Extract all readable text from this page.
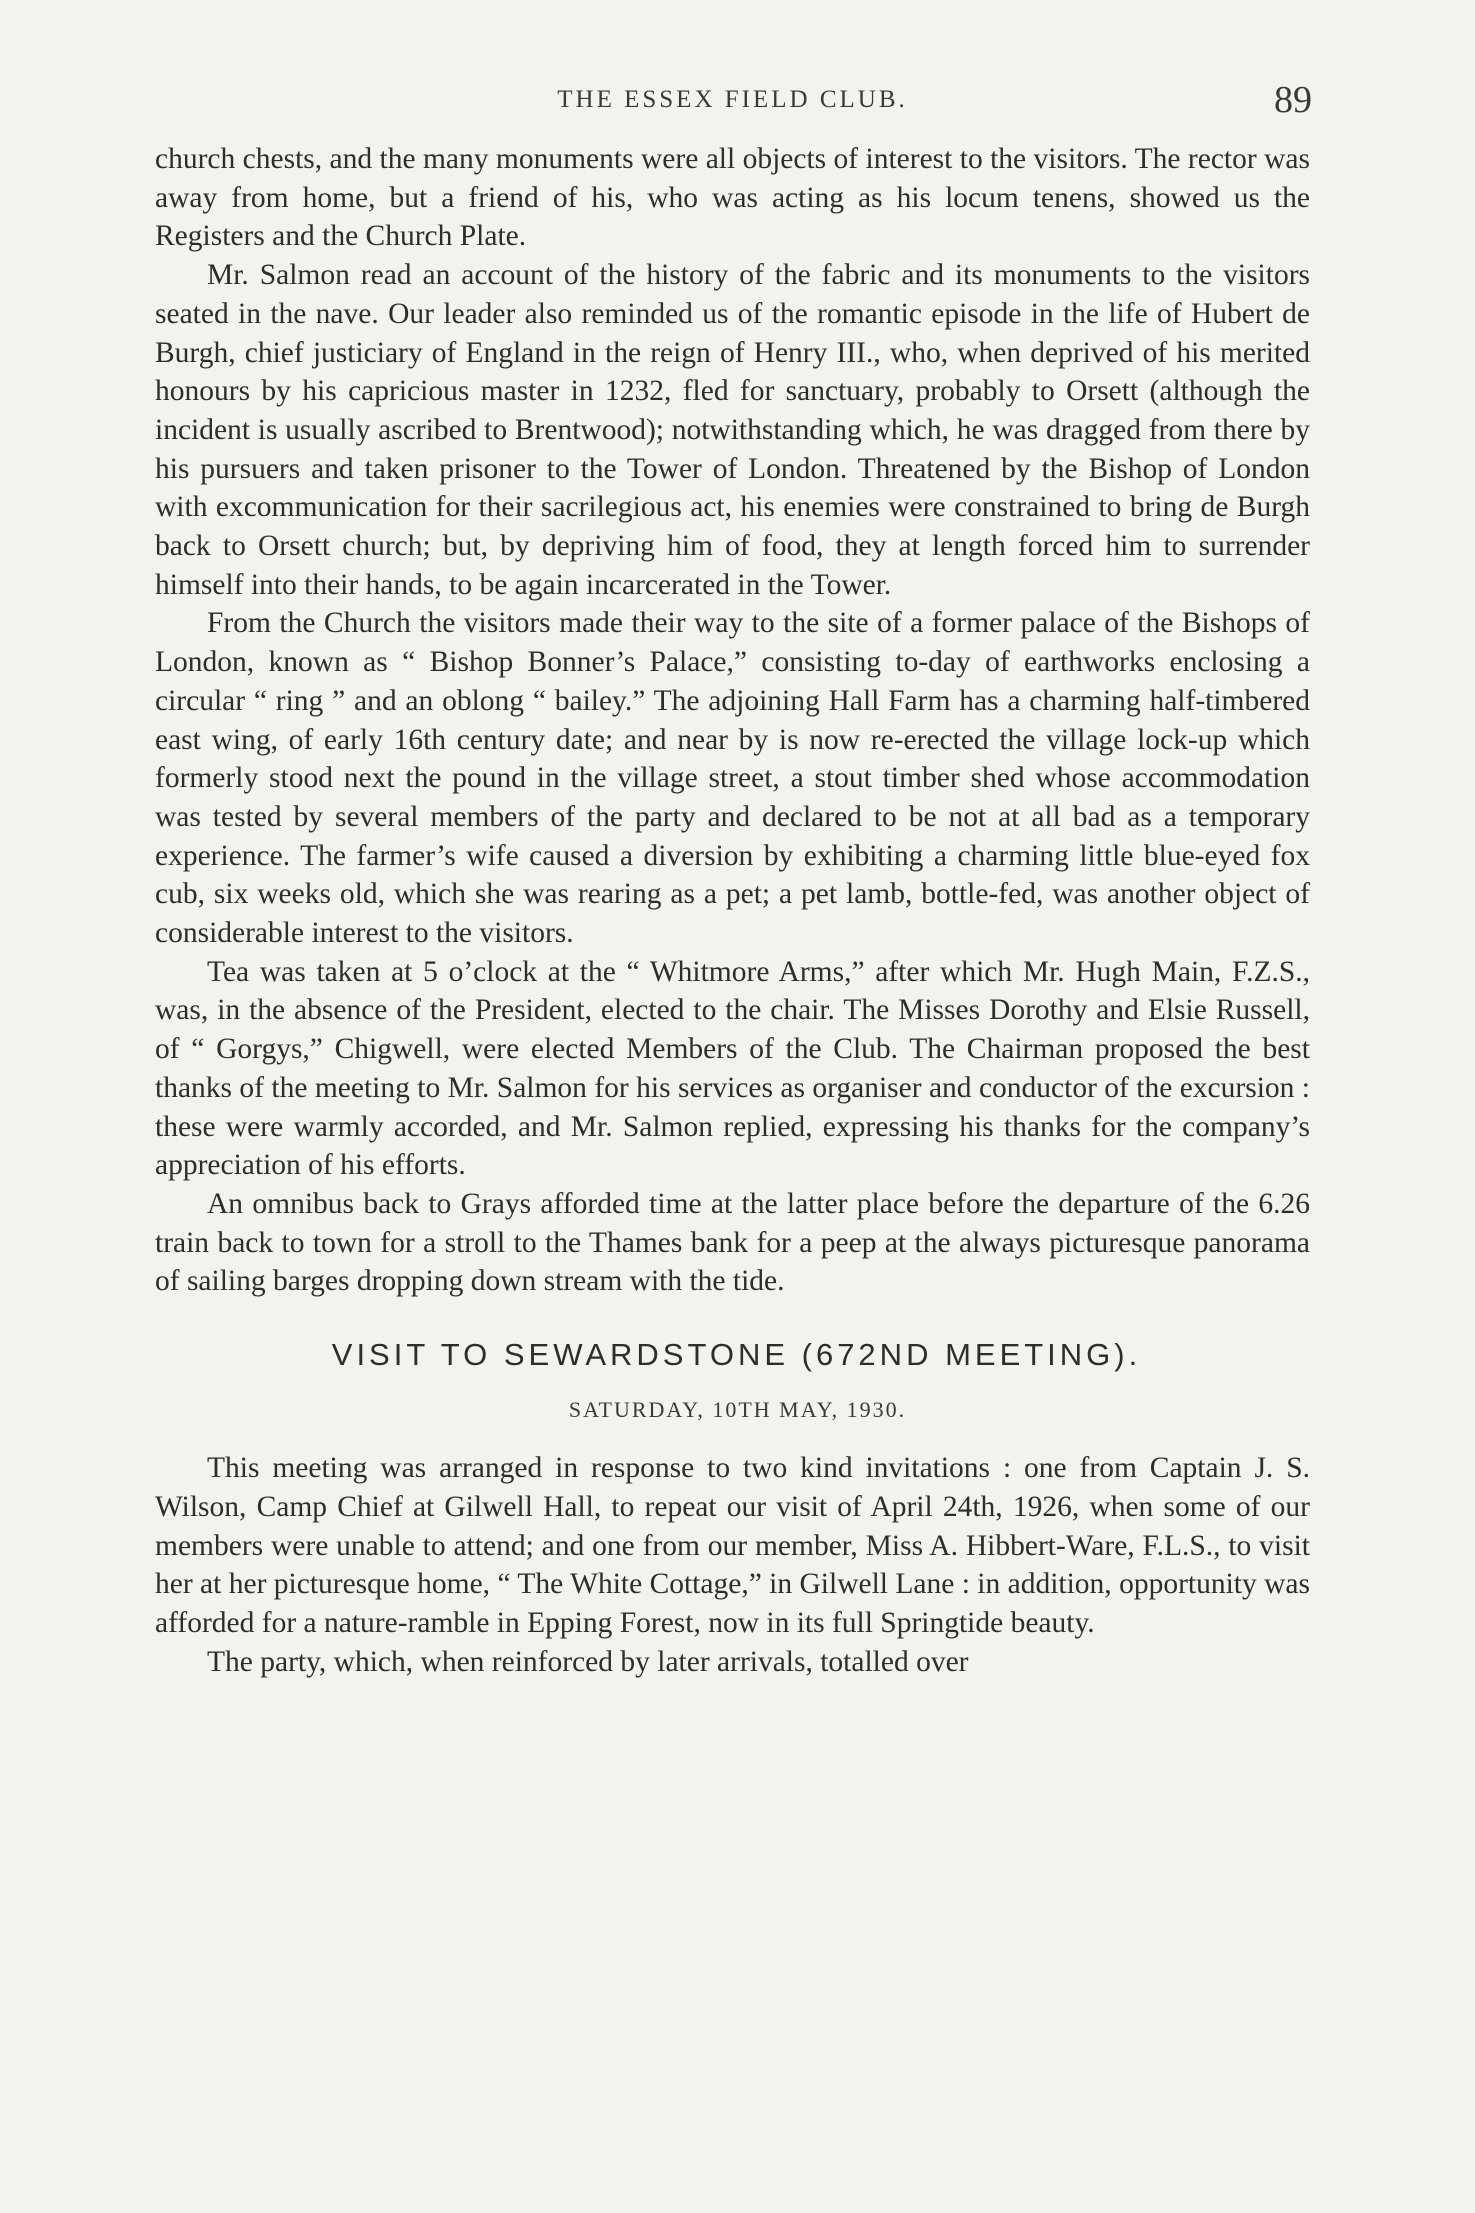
THE ESSEX FIELD CLUB.	89

church chests, and the many monuments were all objects of interest to the visitors. The rector was away from home, but a friend of his, who was acting as his locum tenens, showed us the Registers and the Church Plate.

Mr. Salmon read an account of the history of the fabric and its monuments to the visitors seated in the nave. Our leader also reminded us of the romantic episode in the life of Hubert de Burgh, chief justiciary of England in the reign of Henry III., who, when deprived of his merited honours by his capricious master in 1232, fled for sanctuary, probably to Orsett (although the incident is usually ascribed to Brentwood); notwithstanding which, he was dragged from there by his pursuers and taken prisoner to the Tower of London. Threatened by the Bishop of London with excommunication for their sacrilegious act, his enemies were constrained to bring de Burgh back to Orsett church; but, by depriving him of food, they at length forced him to surrender himself into their hands, to be again incarcerated in the Tower.

From the Church the visitors made their way to the site of a former palace of the Bishops of London, known as “ Bishop Bonner’s Palace,” consisting to-day of earthworks enclosing a circular “ ring ” and an oblong “ bailey.” The adjoining Hall Farm has a charming half-timbered east wing, of early 16th century date; and near by is now re-erected the village lock-up which formerly stood next the pound in the village street, a stout timber shed whose accommodation was tested by several members of the party and declared to be not at all bad as a temporary experience. The farmer’s wife caused a diversion by exhibiting a charming little blue-eyed fox cub, six weeks old, which she was rearing as a pet; a pet lamb, bottle-fed, was another object of considerable interest to the visitors.

Tea was taken at 5 o’clock at the “ Whitmore Arms,” after which Mr. Hugh Main, F.Z.S., was, in the absence of the President, elected to the chair. The Misses Dorothy and Elsie Russell, of “ Gorgys,” Chigwell, were elected Members of the Club. The Chairman proposed the best thanks of the meeting to Mr. Salmon for his services as organiser and conductor of the excursion : these were warmly accorded, and Mr. Salmon replied, expressing his thanks for the company’s appreciation of his efforts.

An omnibus back to Grays afforded time at the latter place before the departure of the 6.26 train back to town for a stroll to the Thames bank for a peep at the always picturesque panorama of sailing barges dropping down stream with the tide.

VISIT TO SEWARDSTONE (672ND MEETING).
SATURDAY, 10TH MAY, 1930.

This meeting was arranged in response to two kind invitations : one from Captain J. S. Wilson, Camp Chief at Gilwell Hall, to repeat our visit of April 24th, 1926, when some of our members were unable to attend; and one from our member, Miss A. Hibbert-Ware, F.L.S., to visit her at her picturesque home, “ The White Cottage,” in Gilwell Lane : in addition, opportunity was afforded for a nature-ramble in Epping Forest, now in its full Springtide beauty.

The party, which, when reinforced by later arrivals, totalled over
